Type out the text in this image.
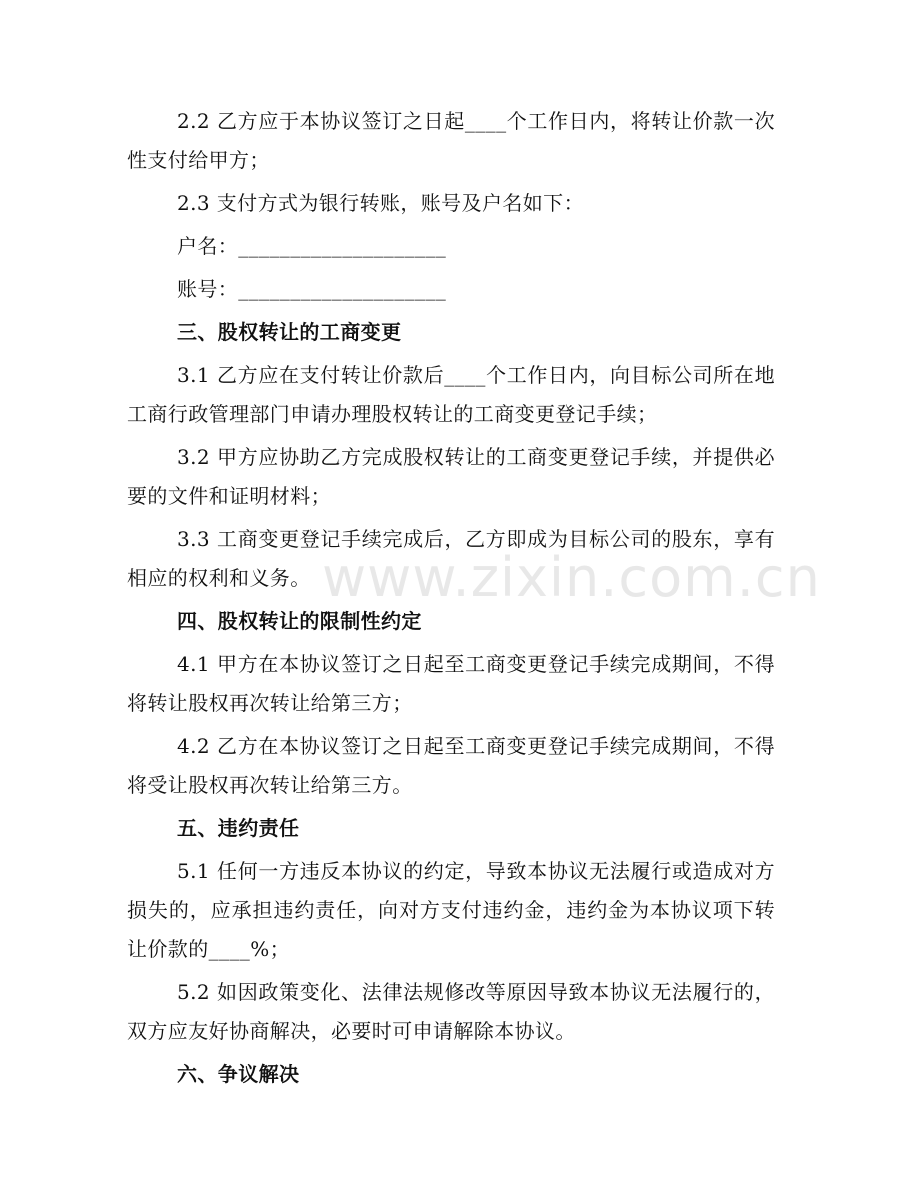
2.2 乙方应于本协议签订之日起____个工作日内，将转让价款一次性支付给甲方；

2.3 支付方式为银行转账，账号及户名如下：

户名：____________________

账号：____________________

三、股权转让的工商变更

3.1 乙方应在支付转让价款后____个工作日内，向目标公司所在地工商行政管理部门申请办理股权转让的工商变更登记手续；

3.2 甲方应协助乙方完成股权转让的工商变更登记手续，并提供必要的文件和证明材料；

3.3 工商变更登记手续完成后，乙方即成为目标公司的股东，享有相应的权利和义务。

四、股权转让的限制性约定

4.1 甲方在本协议签订之日起至工商变更登记手续完成期间，不得将转让股权再次转让给第三方；

4.2 乙方在本协议签订之日起至工商变更登记手续完成期间，不得将受让股权再次转让给第三方。

五、违约责任

5.1 任何一方违反本协议的约定，导致本协议无法履行或造成对方损失的，应承担违约责任，向对方支付违约金，违约金为本协议项下转让价款的____%；

5.2 如因政策变化、法律法规修改等原因导致本协议无法履行的，双方应友好协商解决，必要时可申请解除本协议。

六、争议解决

www.zixin.com.cn
